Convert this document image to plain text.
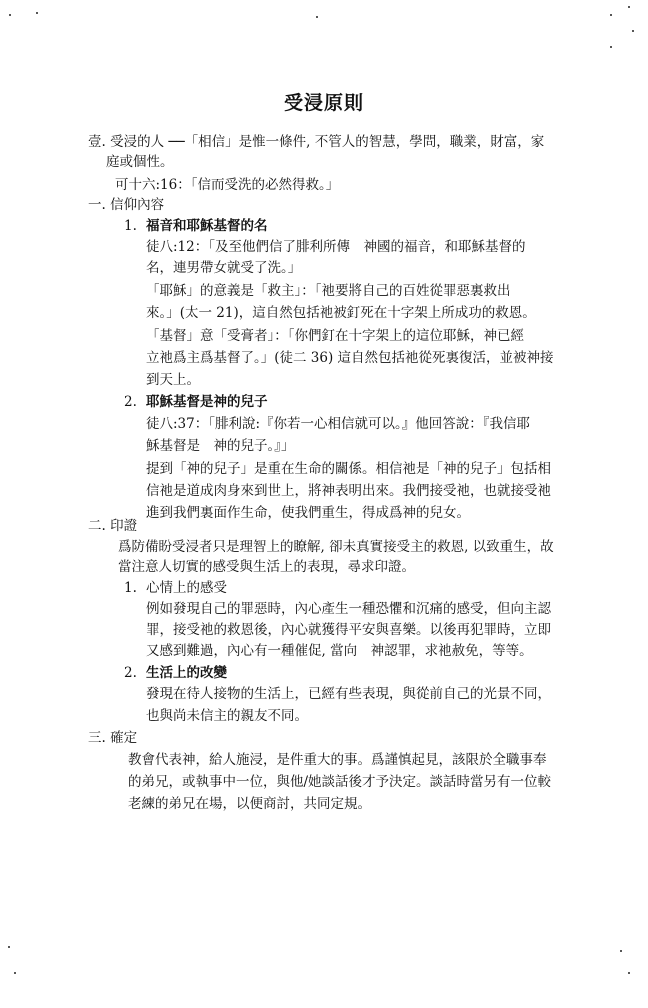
受浸原則
壹. 受浸的人 ──「相信」是惟一條件, 不管人的智慧，學問，職業，財富，家
庭或個性。
可十六:16：「信而受洗的必然得救。」
一. 信仰內容
1. 福音和耶穌基督的名
徒八:12：「及至他們信了腓利所傳　神國的福音，和耶穌基督的
名，連男帶女就受了洗。」
「耶穌」的意義是「救主」：「祂要將自己的百姓從罪惡裏救出
來。」(太一 21)，這自然包括祂被釘死在十字架上所成功的救恩。
「基督」意「受膏者」：「你們釘在十字架上的這位耶穌，神已經
立祂爲主爲基督了。」(徒二 36) 這自然包括祂從死裏復活，並被神接
到天上。
2. 耶穌基督是神的兒子
徒八:37：「腓利說:『你若一心相信就可以。』他回答說：『我信耶
穌基督是　神的兒子。』」
提到「神的兒子」是重在生命的關係。相信祂是「神的兒子」包括相
信祂是道成肉身來到世上，將神表明出來。我們接受祂，也就接受祂
進到我們裏面作生命，使我們重生，得成爲神的兒女。
二. 印證
爲防備盼受浸者只是理智上的瞭解, 卻未真實接受主的救恩, 以致重生，故
當注意人切實的感受與生活上的表現，尋求印證。
1. 心情上的感受
例如發現自己的罪惡時，內心產生一種恐懼和沉痛的感受，但向主認
罪，接受祂的救恩後，內心就獲得平安與喜樂。以後再犯罪時，立即
又感到難過，內心有一種催促, 當向　神認罪，求祂赦免，等等。
2. 生活上的改變
發現在待人接物的生活上，已經有些表現，與從前自己的光景不同，
也與尚未信主的親友不同。
三. 確定
教會代表神，給人施浸，是件重大的事。爲謹慎起見，該限於全職事奉
的弟兄，或執事中一位，與他/她談話後才予決定。談話時當另有一位較
老練的弟兄在場，以便商討，共同定規。
